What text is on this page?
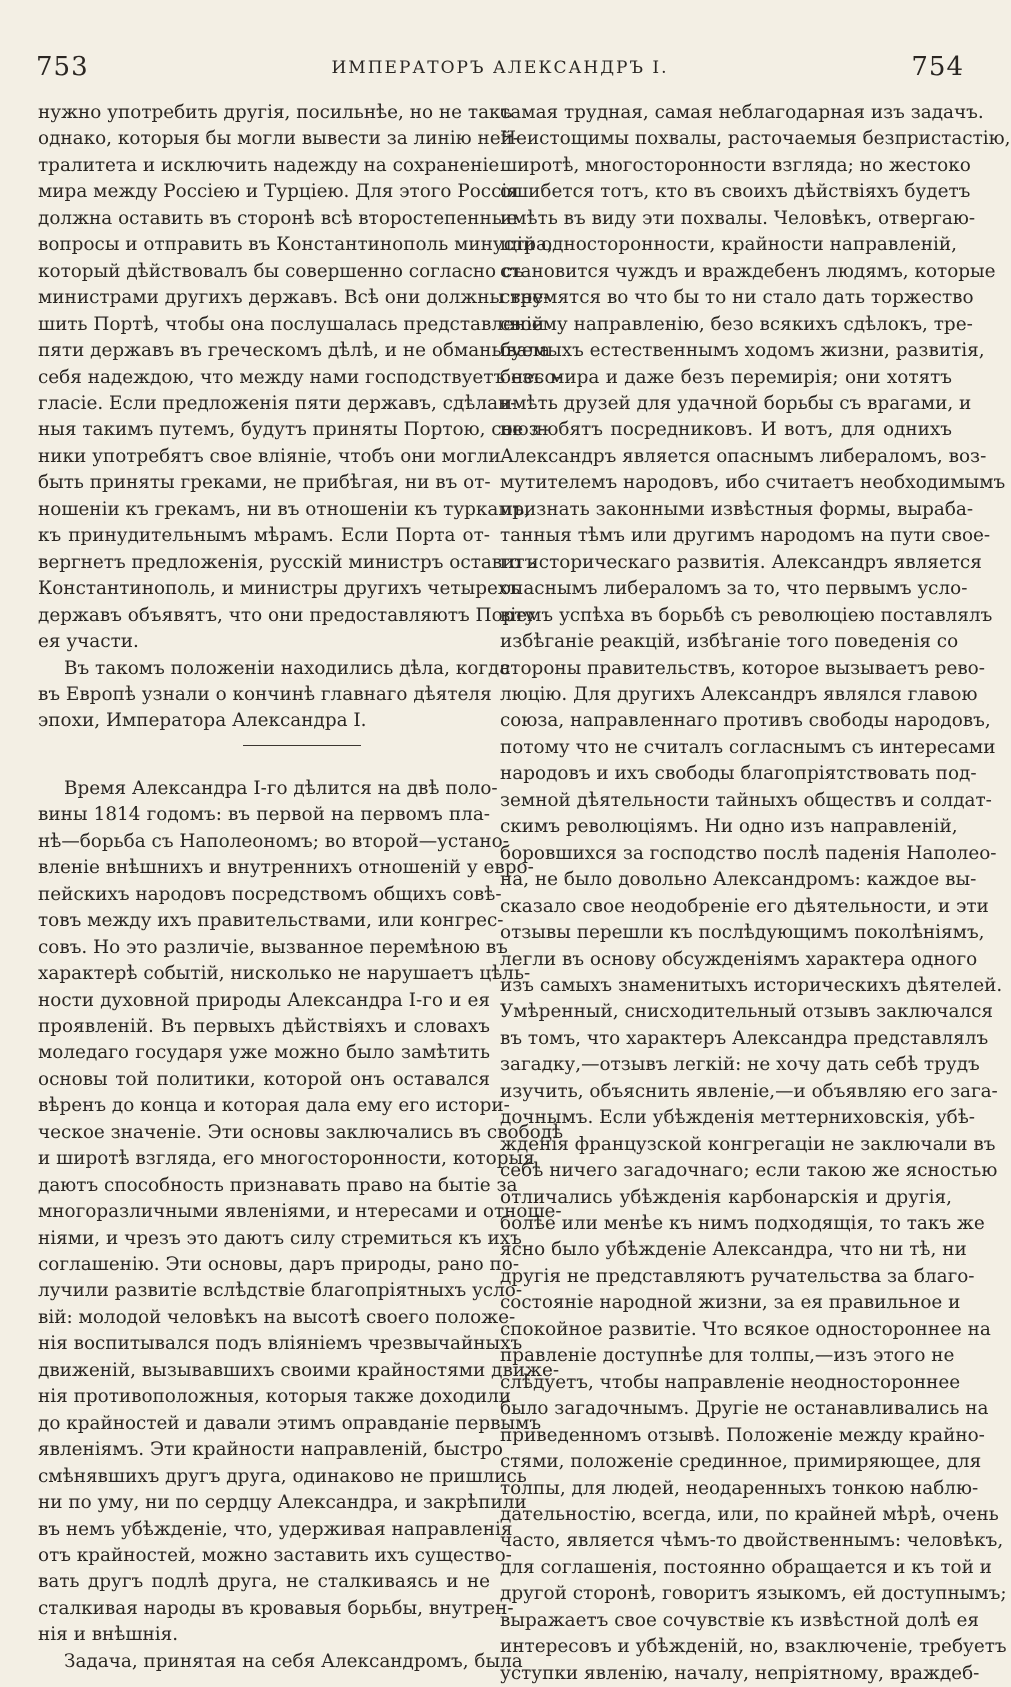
753	ИМПЕРАТОРЪ АЛЕКСАНДРЪ I.	754
нужно употребить другія, посильнѣе, но не такъ
однако, которыя бы могли вывести за линію ней-
тралитета и исключить надежду на сохраненіе
мира между Россіею и Турціею. Для этого Россія
должна оставить въ сторонѣ всѣ второстепенные
вопросы и отправить въ Константинополь минустра,
который дѣйствовалъ бы совершенно согласно съ
министрами другихъ державъ. Всѣ они должны вну-
шить Портѣ, чтобы она послушалась представленій
пяти державъ въ греческомъ дѣлѣ, и не обманывала
себя надеждою, что между нами господствуетъ несо-
гласіе. Если предложенія пяти державъ, сдѣлан-
ныя такимъ путемъ, будутъ приняты Портою, союз-
ники употребятъ свое вліяніе, чтобъ они могли
быть приняты греками, не прибѣгая, ни въ от-
ношеніи къ грекамъ, ни въ отношеніи къ туркамъ,
къ принудительнымъ мѣрамъ. Если Порта от-
вергнетъ предложенія, русскій министръ оставитъ
Константинополь, и министры другихъ четырехъ
державъ объявятъ, что они предоставляютъ Порту
ея участи.
Въ такомъ положеніи находились дѣла, когда
въ Европѣ узнали о кончинѣ главнаго дѣятеля
эпохи, Императора Александра I.
Время Александра I-го дѣлится на двѣ поло-
вины 1814 годомъ: въ первой на первомъ пла-
нѣ—борьба съ Наполеономъ; во второй—устано-
вленіе внѣшнихъ и внутреннихъ отношеній у евро-
пейскихъ народовъ посредствомъ общихъ совѣ-
товъ между ихъ правительствами, или конгрес-
совъ. Но это различіе, вызванное перемѣною въ
характерѣ событій, нисколько не нарушаетъ цѣль-
ности духовной природы Александра I-го и ея
проявленій. Въ первыхъ дѣйствіяхъ и словахъ
моледаго государя уже можно было замѣтить
основы той политики, которой онъ оставался
вѣренъ до конца и которая дала ему его истори-
ческое значеніе. Эти основы заключались въ свободѣ
и широтѣ взгляда, его многосторонности, которыя
даютъ способность признавать право на бытіе за
многоразличными явленіями, и нтересами и отноше-
ніями, и чрезъ это даютъ силу стремиться къ ихъ
соглашенію. Эти основы, даръ природы, рано по-
лучили развитіе вслѣдствіе благопріятныхъ усло-
вій: молодой человѣкъ на высотѣ своего положе-
нія воспитывался подъ вліяніемъ чрезвычайныхъ
движеній, вызывавшихъ своими крайностями движе-
нія противоположныя, которыя также доходили
до крайностей и давали этимъ оправданіе первымъ
явленіямъ. Эти крайности направленій, быстро
смѣнявшихъ другъ друга, одинаково не пришлись
ни по уму, ни по сердцу Александра, и закрѣпили
въ немъ убѣжденіе, что, удерживая направленія
отъ крайностей, можно заставить ихъ существо-
вать другъ подлѣ друга, не сталкиваясь и не
сталкивая народы въ кровавыя борьбы, внутрен-
нія и внѣшнія.
Задача, принятая на себя Александромъ, была
самая трудная, самая неблагодарная изъ задачъ.
Неистощимы похвалы, расточаемыя безпристастію,
широтѣ, многосторонности взгляда; но жестоко
ошибется тотъ, кто въ своихъ дѣйствіяхъ будетъ
имѣть въ виду эти похвалы. Человѣкъ, отвергаю-
щій односторонности, крайности направленій,
становится чуждъ и враждебенъ людямъ, которые
стремятся во что бы то ни стало дать торжество
своему направленію, безо всякихъ сдѣлокъ, тре-
буемыхъ естественнымъ ходомъ жизни, развитія,
безъ мира и даже безъ перемирія; они хотятъ
имѣть друзей для удачной борьбы съ врагами, и
не любятъ посредниковъ. И вотъ, для однихъ
Александръ является опаснымъ либераломъ, воз-
мутителемъ народовъ, ибо считаетъ необходимымъ
признать законными извѣстныя формы, выраба-
танныя тѣмъ или другимъ народомъ на пути свое-
го историческаго развитія. Александръ является
опаснымъ либераломъ за то, что первымъ усло-
віемъ успѣха въ борьбѣ съ революціею поставлялъ
избѣганіе реакцій, избѣганіе того поведенія со
стороны правительствъ, которое вызываетъ рево-
люцію. Для другихъ Александръ являлся главою
союза, направленнаго противъ свободы народовъ,
потому что не считалъ согласнымъ съ интересами
народовъ и ихъ свободы благопріятствовать под-
земной дѣятельности тайныхъ обществъ и солдат-
скимъ революціямъ. Ни одно изъ направленій,
боровшихся за господство послѣ паденія Наполео-
на, не было довольно Александромъ: каждое вы-
сказало свое неодобреніе его дѣятельности, и эти
отзывы перешли къ послѣдующимъ поколѣніямъ,
легли въ основу обсужденіямъ характера одного
изъ самыхъ знаменитыхъ историческихъ дѣятелей.
Умѣренный, снисходительный отзывъ заключался
въ томъ, что характеръ Александра представлялъ
загадку,—отзывъ легкій: не хочу дать себѣ трудъ
изучить, объяснить явленіе,—и объявляю его зага-
дочнымъ. Если убѣжденія меттерниховскія, убѣ-
жденія французской конгрегаціи не заключали въ
себѣ ничего загадочнаго; если такою же ясностью
отличались убѣжденія карбонарскія и другія,
болѣе или менѣе къ нимъ подходящія, то такъ же
ясно было убѣжденіе Александра, что ни тѣ, ни
другія не представляютъ ручательства за благо-
состояніе народной жизни, за ея правильное и
спокойное развитіе. Что всякое одностороннее на
правленіе доступнѣе для толпы,—изъ этого не
слѣдуетъ, чтобы направленіе неодностороннее
было загадочнымъ. Другіе не останавливались на
приведенномъ отзывѣ. Положеніе между крайно-
стями, положеніе срединное, примиряющее, для
толпы, для людей, неодаренныхъ тонкою наблю-
дательностію, всегда, или, по крайней мѣрѣ, очень
часто, является чѣмъ-то двойственнымъ: человѣкъ,
для соглашенія, постоянно обращается и къ той и
другой сторонѣ, говоритъ языкомъ, ей доступнымъ;
выражаетъ свое сочувствіе къ извѣстной долѣ ея
интересовъ и убѣжденій, но, взаключеніе, требуетъ
уступки явленію, началу, непріятному, враждеб-
